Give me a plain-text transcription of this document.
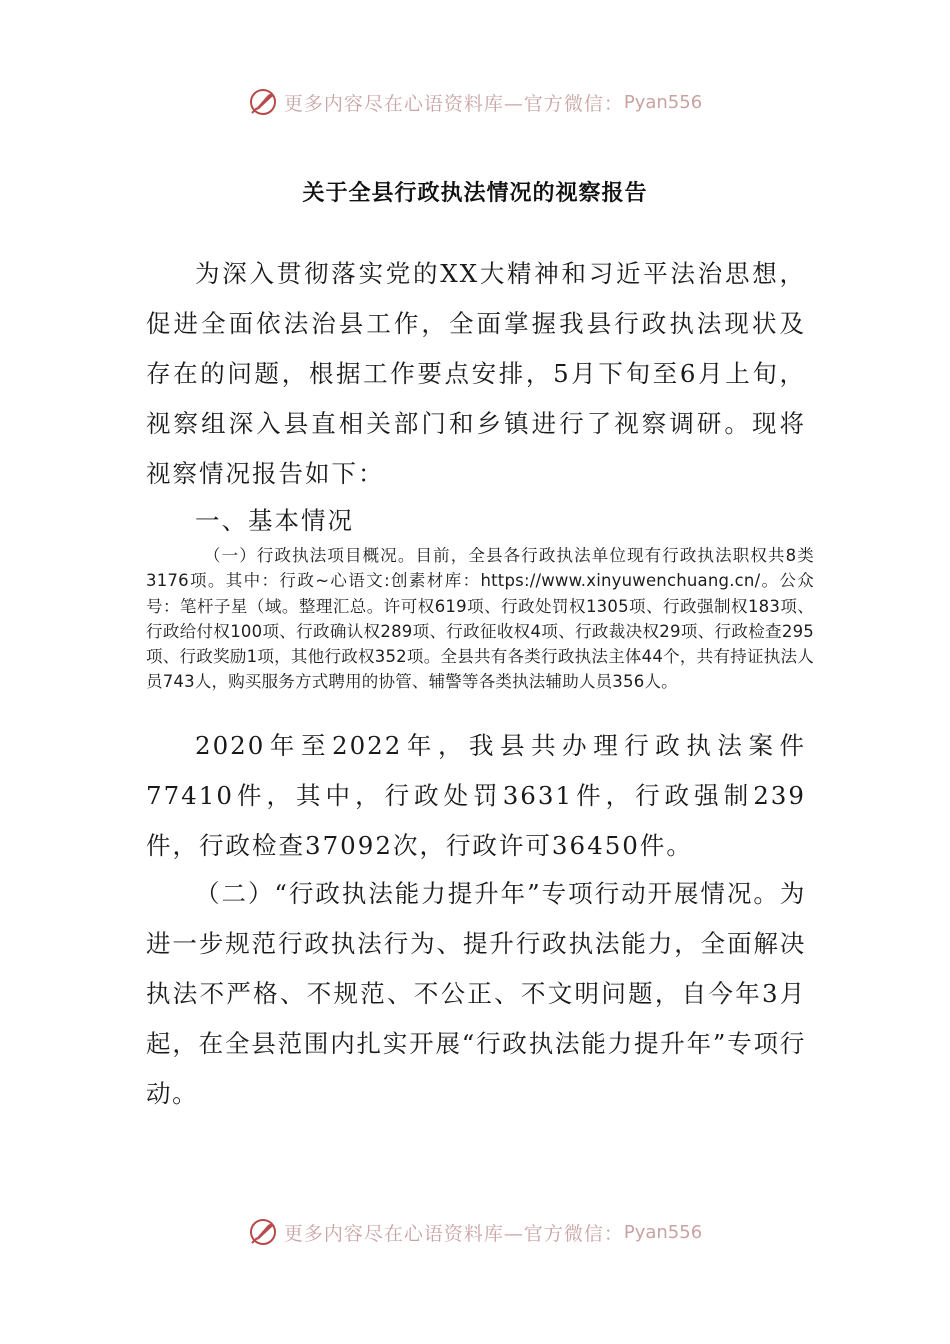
更多内容尽在心语资料库—官方微信： Pyan556
关于全县行政执法情况的视察报告

为深入贯彻落实党的XX大精神和习近平法治思想，促进全面依法治县工作，全面掌握我县行政执法现状及存在的问题，根据工作要点安排，5月下旬至6月上旬，视察组深入县直相关部门和乡镇进行了视察调研。现将视察情况报告如下：

一、基本情况

（一）行政执法项目概况。目前，全县各行政执法单位现有行政执法职权共8类3176项。其中：行政~心语文:创素材库：https://www.xinyuwenchuang.cn/。公众号：笔杆子星（域。整理汇总。许可权619项、行政处罚权1305项、行政强制权183项、行政给付权100项、行政确认权289项、行政征收权4项、行政裁决权29项、行政检查295项、行政奖励1项，其他行政权352项。全县共有各类行政执法主体44个，共有持证执法人员743人，购买服务方式聘用的协管、辅警等各类执法辅助人员356人。

2020年至2022年，我县共办理行政执法案件77410件，其中，行政处罚3631件，行政强制239件，行政检查37092次，行政许可36450件。

（二）“行政执法能力提升年”专项行动开展情况。为进一步规范行政执法行为、提升行政执法能力，全面解决执法不严格、不规范、不公正、不文明问题，自今年3月起，在全县范围内扎实开展“行政执法能力提升年”专项行动。

更多内容尽在心语资料库—官方微信： Pyan556
